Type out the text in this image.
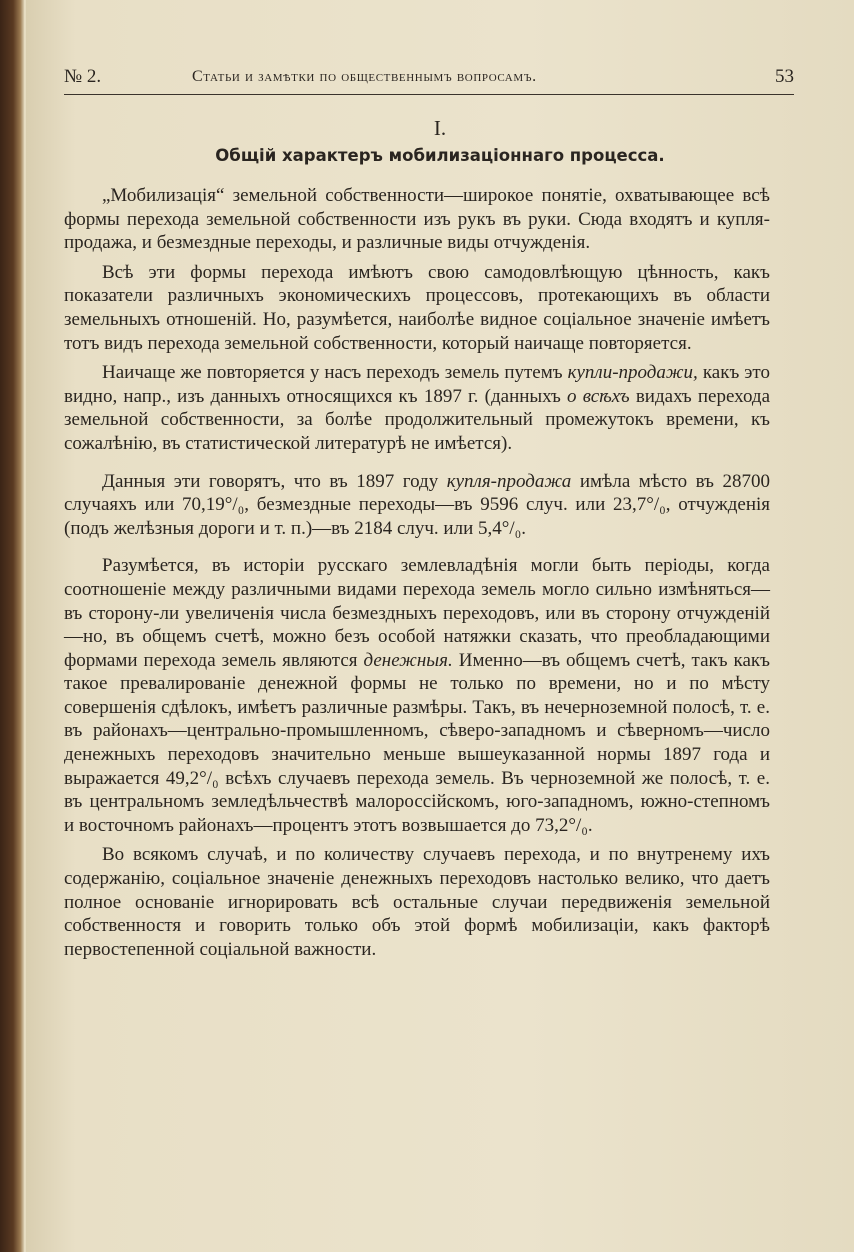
№ 2.	Статьи и замѣтки по общественнымъ вопросамъ.	53
I.
Общій характеръ мобилизаціоннаго процесса.

„Мобилизація“ земельной собственности—широкое понятіе, охватывающее всѣ формы перехода земельной собственности изъ рукъ въ руки. Сюда входятъ и купля-продажа, и безмездные переходы, и различные виды отчужденія.

Всѣ эти формы перехода имѣютъ свою самодовлѣющую цѣнность, какъ показатели различныхъ экономическихъ процессовъ, протекающихъ въ области земельныхъ отношеній. Но, разумѣется, наиболѣе видное соціальное значеніе имѣетъ тотъ видъ перехода земельной собственности, который наичаще повторяется.

Наичаще же повторяется у насъ переходъ земель путемъ купли-продажи, какъ это видно, напр., изъ данныхъ относящихся къ 1897 г. (данныхъ о всѣхъ видахъ перехода земельной собственности, за болѣе продолжительный промежутокъ времени, къ сожалѣнію, въ статистической литературѣ не имѣется).

Данныя эти говорятъ, что въ 1897 году купля-продажа имѣла мѣсто въ 28700 случаяхъ или 70,19°/₀, безмездные переходы—въ 9596 случ. или 23,7°/₀, отчужденія (подъ желѣзныя дороги и т. п.)—въ 2184 случ. или 5,4°/₀.

Разумѣется, въ исторіи русскаго землевладѣнія могли быть періоды, когда соотношеніе между различными видами перехода земель могло сильно измѣняться—въ сторону-ли увеличенія числа безмездныхъ переходовъ, или въ сторону отчужденій—но, въ общемъ счетѣ, можно безъ особой натяжки сказать, что преобладающими формами перехода земель являются денежныя. Именно—въ общемъ счетѣ, такъ какъ такое превалированіе денежной формы не только по времени, но и по мѣсту совершенія сдѣлокъ, имѣетъ различные размѣры. Такъ, въ нечерноземной полосѣ, т. е. въ районахъ—центрально-промышленномъ, сѣверо-западномъ и сѣверномъ—число денежныхъ переходовъ значительно меньше вышеуказанной нормы 1897 года и выражается 49,2°/₀ всѣхъ случаевъ перехода земель. Въ черноземной же полосѣ, т. е. въ центральномъ земледѣльчествѣ малороссійскомъ, юго-западномъ, южно-степномъ и восточномъ районахъ—процентъ этотъ возвышается до 73,2°/₀.

Во всякомъ случаѣ, и по количеству случаевъ перехода, и по внутренему ихъ содержанію, соціальное значеніе денежныхъ переходовъ настолько велико, что даетъ полное основаніе игнорировать всѣ остальные случаи передвиженія земельной собственностя и говорить только объ этой формѣ мобилизаціи, какъ факторѣ первостепенной соціальной важности.
